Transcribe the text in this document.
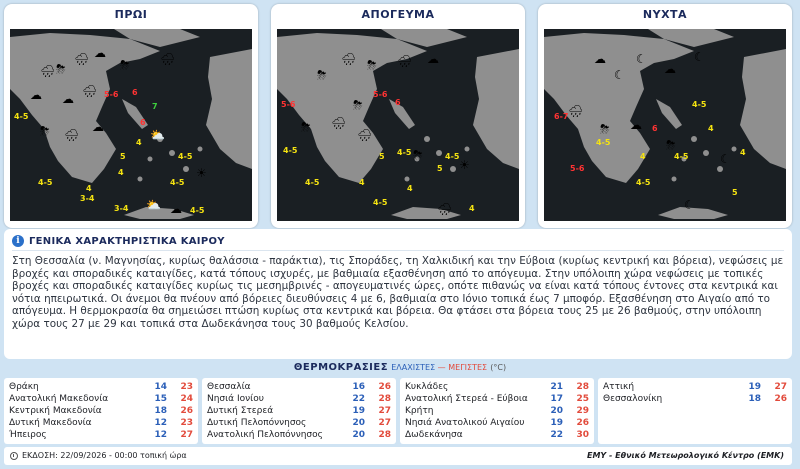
ΠΡΩΙ
☁
🌧 ⛈
🌧 ☁
⛈	🌧
☁
🌧
⛈ 🌧
☁
⛅
☀
⛅ ☁
4-5
5-6 6
7
6
4
4-5
5
4
4-5
4
3-4
3-4
4-5
4-5
ΑΠΟΓΕΥΜΑ
⛈
🌧 ⛈ 🌧 ☁
⛈ 🌧
⛈
🌧
⛈
☀
🌧
5-6
5-6
6
4-5	4-5
5	4-5
5
4-5	4
4-5
4
4
ΝΥΧΤΑ
☁
☾
☾
☁
☾
🌧
⛈ ☁
⛈
☾
☾
6-7
5-6
6
4-5
4-5
4-5
4-5
4
4
4
5
i ΓΕΝΙΚΑ ΧΑΡΑΚΤΗΡΙΣΤΙΚΑ ΚΑΙΡΟΥ
Στη Θεσσαλία (ν. Μαγνησίας, κυρίως θαλάσσια - παράκτια), τις Σποράδες, τη Χαλκιδική και την Εύβοια (κυρίως κεντρική και βόρεια), νεφώσεις με βροχές και σποραδικές καταιγίδες, κατά τόπους ισχυρές, με βαθμιαία εξασθένηση από το απόγευμα. Στην υπόλοιπη χώρα νεφώσεις με τοπικές βροχές και σποραδικές καταιγίδες κυρίως τις μεσημβρινές - απογευματινές ώρες, οπότε πιθανώς να είναι κατά τόπους έντονες στα κεντρικά και νότια ηπειρωτικά. Οι άνεμοι θα πνέουν από βόρειες διευθύνσεις 4 με 6, βαθμιαία στο Ιόνιο τοπικά έως 7 μποφόρ. Εξασθένηση στο Αιγαίο από το απόγευμα. Η θερμοκρασία θα σημειώσει πτώση κυρίως στα κεντρικά και βόρεια. Θα φτάσει στα βόρεια τους 25 με 26 βαθμούς, στην υπόλοιπη χώρα τους 27 με 29 και τοπικά στα Δωδεκάνησα τους 30 βαθμούς Κελσίου.
ΘΕΡΜΟΚΡΑΣΙΕΣ ΕΛΑΧΙΣΤΕΣ — ΜΕΓΙΣΤΕΣ (°C)
Θράκη	14	23
Ανατολική Μακεδονία	15	24
Κεντρική Μακεδονία	18	26
Δυτική Μακεδονία	12	23
Ήπειρος	12	27
Θεσσαλία	16	26
Νησιά Ιονίου	22	28
Δυτική Στερεά	19	27
Δυτική Πελοπόννησος	20	27
Ανατολική Πελοπόννησος	20	28
Κυκλάδες	21	28
Ανατολική Στερεά - Εύβοια	17	25
Κρήτη	20	29
Νησιά Ανατολικού Αιγαίου	19	26
Δωδεκάνησα	22	30
Αττική	19	27
Θεσσαλονίκη	18	26
ΕΚΔΟΣΗ: 22/09/2026 - 00:00 τοπική ώρα	ΕΜΥ - Εθνικό Μετεωρολογικό Κέντρο (ΕΜΚ)
